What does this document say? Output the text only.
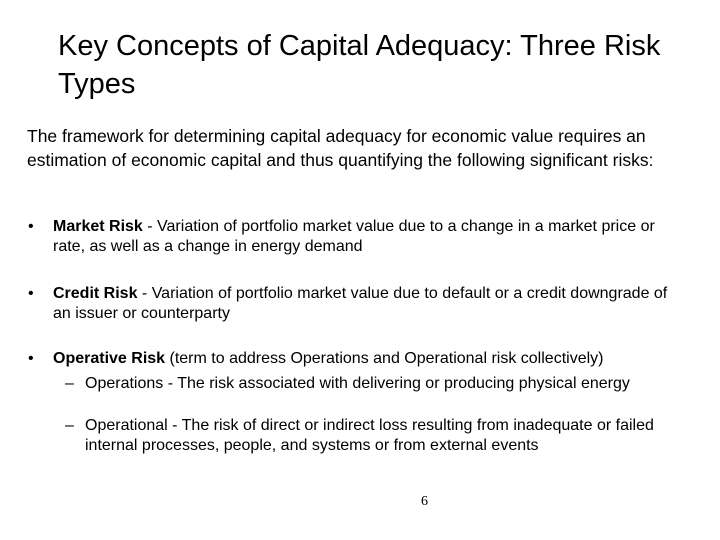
Key Concepts of Capital Adequacy: Three Risk Types

The framework for determining capital adequacy for economic value requires an estimation of economic capital and thus quantifying the following significant risks:

•	Market Risk - Variation of portfolio market value due to a change in a market price or rate, as well as a change in energy demand
•	Credit Risk - Variation of portfolio market value due to default or a credit downgrade of an issuer or counterparty
•	Operative Risk (term to address Operations and Operational risk collectively)
– Operations - The risk associated with delivering or producing physical energy
– Operational - The risk of direct or indirect loss resulting from inadequate or failed internal processes, people, and systems or from external events
6
